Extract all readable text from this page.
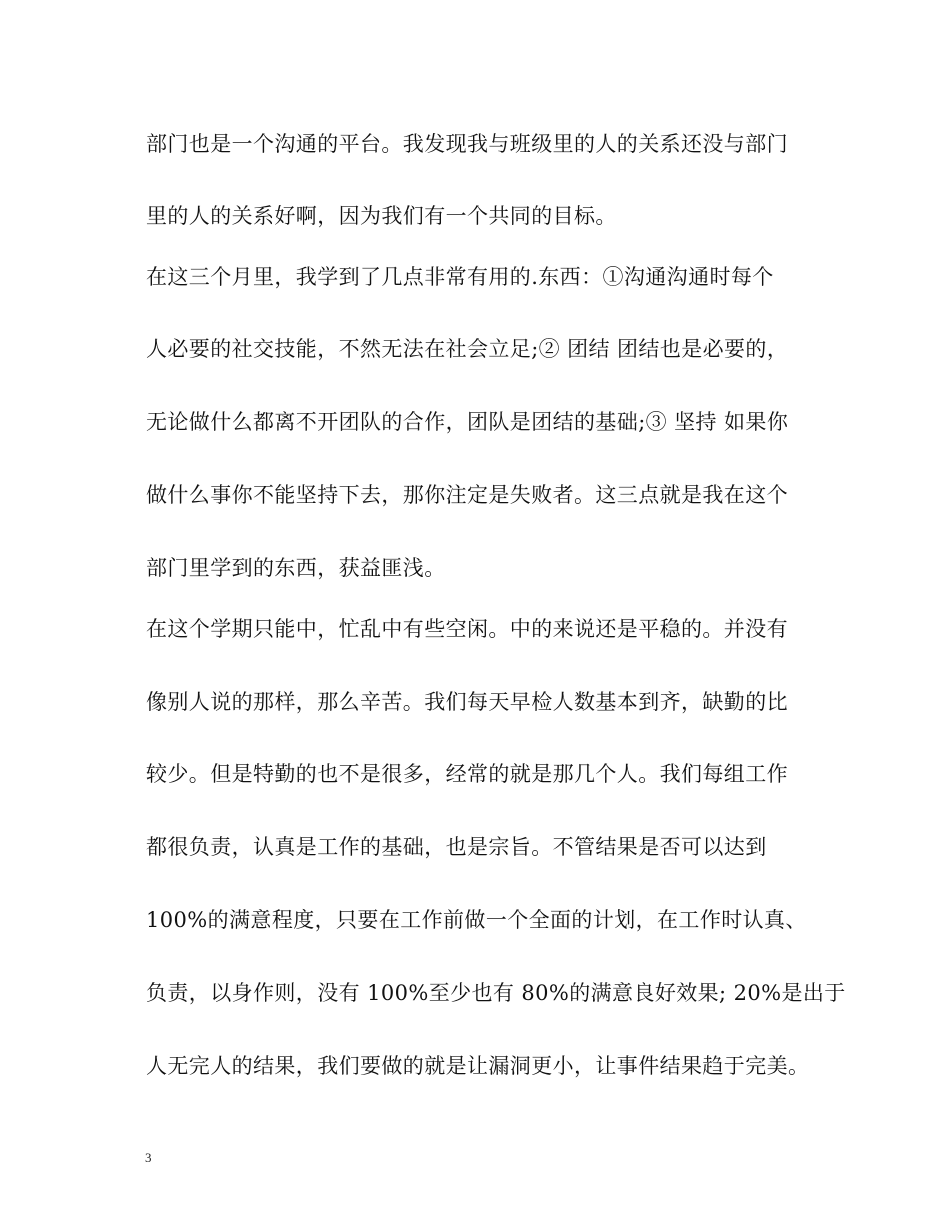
部门也是一个沟通的平台。我发现我与班级里的人的关系还没与部门
里的人的关系好啊，因为我们有一个共同的目标。
在这三个月里，我学到了几点非常有用的.东西：①沟通沟通时每个
人必要的社交技能，不然无法在社会立足;② 团结 团结也是必要的，
无论做什么都离不开团队的合作，团队是团结的基础;③ 坚持 如果你
做什么事你不能坚持下去，那你注定是失败者。这三点就是我在这个
部门里学到的东西，获益匪浅。
在这个学期只能中，忙乱中有些空闲。中的来说还是平稳的。并没有
像别人说的那样，那么辛苦。我们每天早检人数基本到齐，缺勤的比
较少。但是特勤的也不是很多，经常的就是那几个人。我们每组工作
都很负责，认真是工作的基础，也是宗旨。不管结果是否可以达到
100%的满意程度，只要在工作前做一个全面的计划，在工作时认真、
负责，以身作则，没有 100%至少也有 80%的满意良好效果; 20%是出于
人无完人的结果，我们要做的就是让漏洞更小，让事件结果趋于完美。
3
